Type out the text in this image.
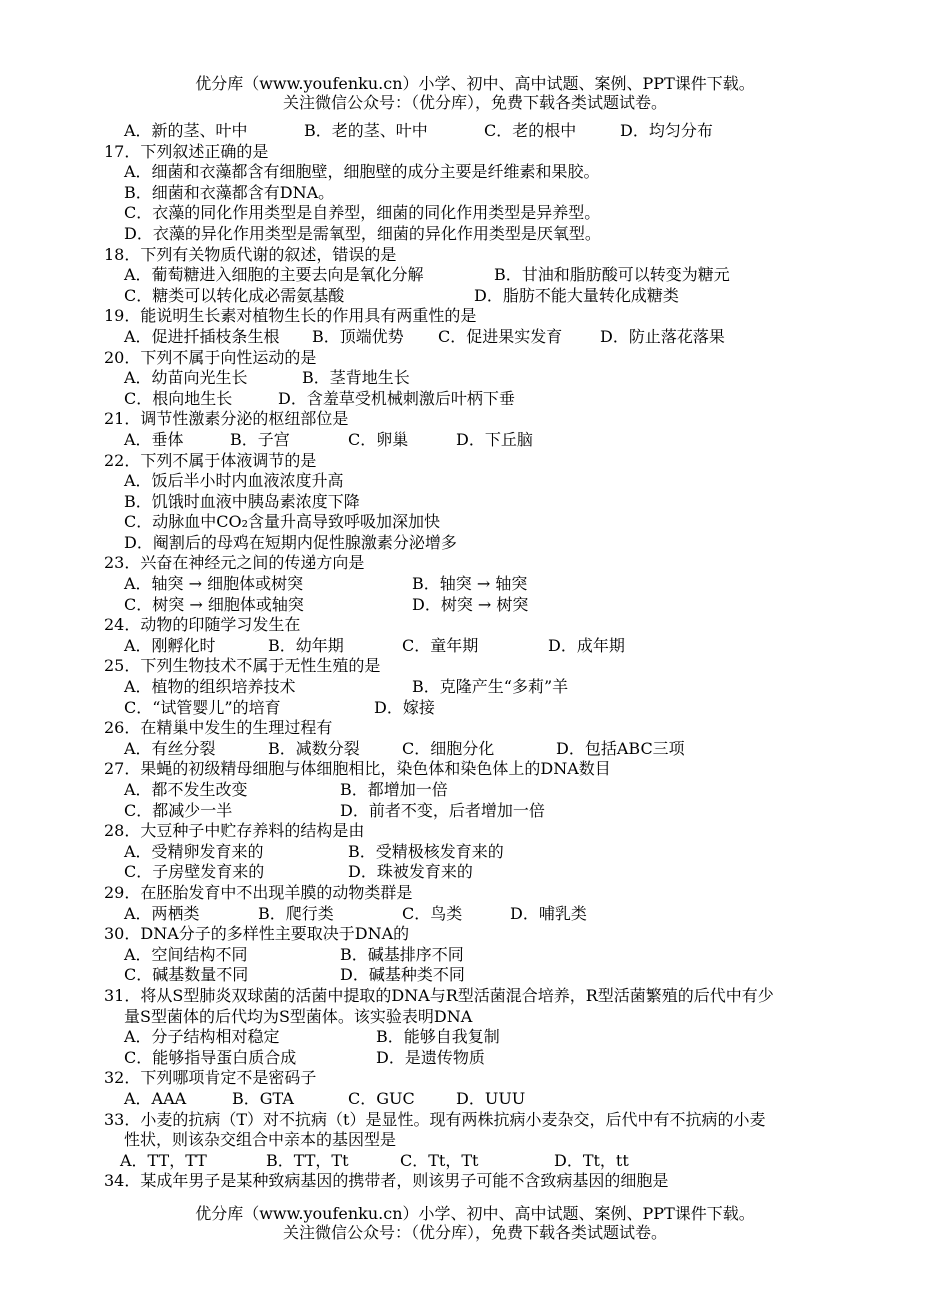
优分库（www.youfenku.cn）小学、初中、高中试题、案例、PPT课件下载。
关注微信公众号：（优分库），免费下载各类试题试卷。
A．新的茎、叶中	B．老的茎、叶中	C．老的根中	D．均匀分布
17．下列叙述正确的是
A．细菌和衣藻都含有细胞壁，细胞壁的成分主要是纤维素和果胶。
B．细菌和衣藻都含有DNA。
C．衣藻的同化作用类型是自养型，细菌的同化作用类型是异养型。
D．衣藻的异化作用类型是需氧型，细菌的异化作用类型是厌氧型。
18．下列有关物质代谢的叙述，错误的是
A．葡萄糖进入细胞的主要去向是氧化分解	B．甘油和脂肪酸可以转变为糖元
C．糖类可以转化成必需氨基酸	D．脂肪不能大量转化成糖类
19．能说明生长素对植物生长的作用具有两重性的是
A．促进扦插枝条生根 B．顶端优势 C．促进果实发育 D．防止落花落果
20．下列不属于向性运动的是
A．幼苗向光生长	B．茎背地生长
C．根向地生长	D．含羞草受机械刺激后叶柄下垂
21．调节性激素分泌的枢纽部位是
A．垂体	B．子宫	C．卵巢	D．下丘脑
22．下列不属于体液调节的是
A．饭后半小时内血液浓度升高
B．饥饿时血液中胰岛素浓度下降
C．动脉血中CO₂含量升高导致呼吸加深加快
D．阉割后的母鸡在短期内促性腺激素分泌增多
23．兴奋在神经元之间的传递方向是
A．轴突 → 细胞体或树突	B．轴突 → 轴突
C．树突 → 细胞体或轴突	D．树突 → 树突
24．动物的印随学习发生在
A．刚孵化时	B．幼年期	C．童年期	D．成年期
25．下列生物技术不属于无性生殖的是
A．植物的组织培养技术	B．克隆产生“多莉”羊
C．“试管婴儿”的培育	D．嫁接
26．在精巢中发生的生理过程有
A．有丝分裂	B．减数分裂	C．细胞分化	D．包括ABC三项
27．果蝇的初级精母细胞与体细胞相比，染色体和染色体上的DNA数目
A．都不发生改变	B．都增加一倍
C．都减少一半	D．前者不变，后者增加一倍
28．大豆种子中贮存养料的结构是由
A．受精卵发育来的	B．受精极核发育来的
C．子房壁发育来的	D．珠被发育来的
29．在胚胎发育中不出现羊膜的动物类群是
A．两栖类	B．爬行类	C．鸟类	D．哺乳类
30．DNA分子的多样性主要取决于DNA的
A．空间结构不同	B．碱基排序不同
C．碱基数量不同	D．碱基种类不同
31．将从S型肺炎双球菌的活菌中提取的DNA与R型活菌混合培养，R型活菌繁殖的后代中有少
量S型菌体的后代均为S型菌体。该实验表明DNA
A．分子结构相对稳定	B．能够自我复制
C．能够指导蛋白质合成	D．是遗传物质
32．下列哪项肯定不是密码子
A．AAA	B．GTA	C．GUC	D．UUU
33．小麦的抗病（T）对不抗病（t）是显性。现有两株抗病小麦杂交，后代中有不抗病的小麦
性状，则该杂交组合中亲本的基因型是
A．TT，TT	B．TT，Tt	C．Tt，Tt	D．Tt，tt
34．某成年男子是某种致病基因的携带者，则该男子可能不含致病基因的细胞是
优分库（www.youfenku.cn）小学、初中、高中试题、案例、PPT课件下载。
关注微信公众号：（优分库），免费下载各类试题试卷。
